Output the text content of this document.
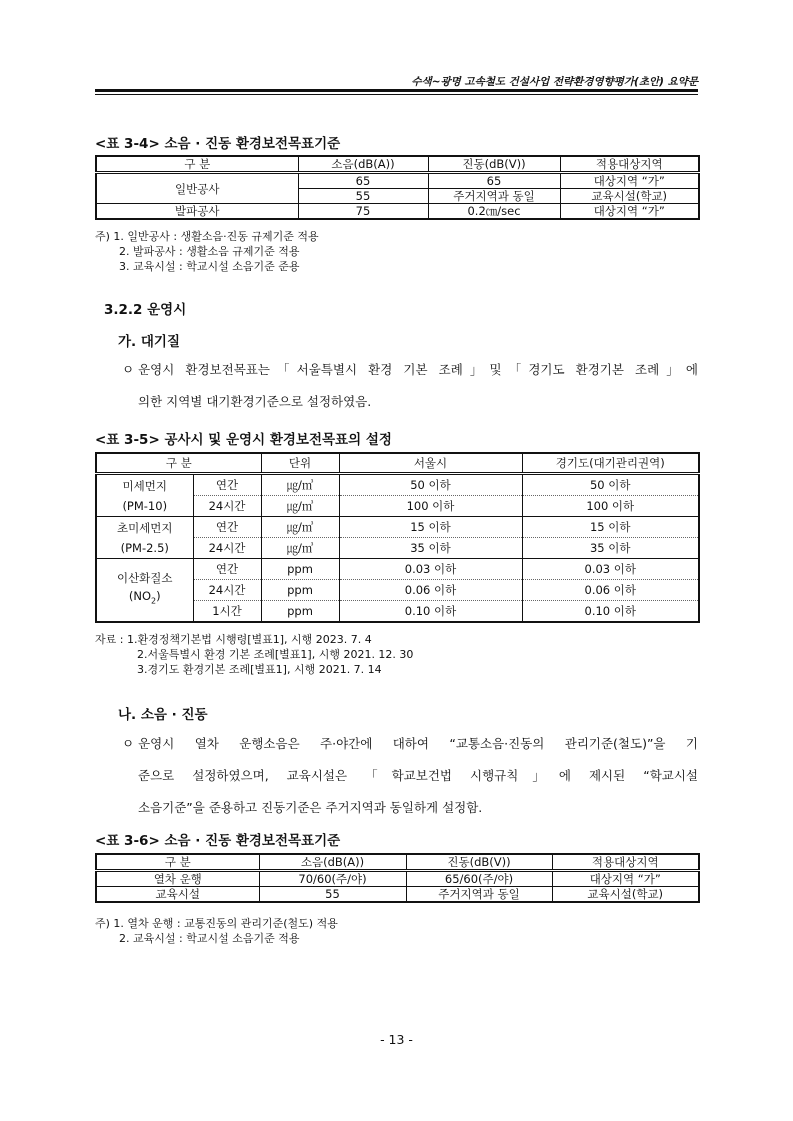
수색~광명 고속철도 건설사업 전략환경영향평가(초안) 요약문
<표 3-4> 소음 · 진동 환경보전목표기준
구 분	소음(dB(A))	진동(dB(V))	적용대상지역
일반공사	65	65	대상지역 “가”
	55	주거지역과 동일	교육시설(학교)
발파공사	75	0.2㎝/sec	대상지역 “가”
주) 1. 일반공사 : 생활소음·진동 규제기준 적용
2. 발파공사 : 생활소음 규제기준 적용
3. 교육시설 : 학교시설 소음기준 준용
3.2.2 운영시
가. 대기질
ㅇ 운영시 환경보전목표는「서울특별시 환경 기본 조례」및「경기도 환경기본 조례」에
의한 지역별 대기환경기준으로 설정하였음.
<표 3-5> 공사시 및 운영시 환경보전목표의 설정
구 분		단위	서울시	경기도(대기관리권역)

미세먼지
(PM-10)	연간	㎍/㎥	50 이하	50 이하
	24시간	㎍/㎥	100 이하	100 이하

초미세먼지
(PM-2.5)	연간	㎍/㎥	15 이하	15 이하
	24시간	㎍/㎥	35 이하	35 이하

이산화질소
$(NO_2)$	연간	ppm	0.03 이하	0.03 이하
	24시간	ppm	0.06 이하	0.06 이하
	1시간	ppm	0.10 이하	0.10 이하
자료 : 1.환경정책기본법 시행령[별표1], 시행 2023. 7. 4
2.서울특별시 환경 기본 조례[별표1], 시행 2021. 12. 30
3.경기도 환경기본 조례[별표1], 시행 2021. 7. 14
나. 소음 · 진동
ㅇ 운영시 열차 운행소음은 주·야간에 대하여 “교통소음·진동의 관리기준(철도)”을 기
준으로 설정하였으며, 교육시설은 「학교보건법 시행규칙」에 제시된 “학교시설
소음기준”을 준용하고 진동기준은 주거지역과 동일하게 설정함.
<표 3-6> 소음 · 진동 환경보전목표기준
구 분	소음(dB(A))	진동(dB(V))	적용대상지역
열차 운행	70/60(주/야)	65/60(주/야)	대상지역 “가”
교육시설	55	주거지역과 동일	교육시설(학교)
주) 1. 열차 운행 : 교통진동의 관리기준(철도) 적용
2. 교육시설 : 학교시설 소음기준 적용
- 13 -
